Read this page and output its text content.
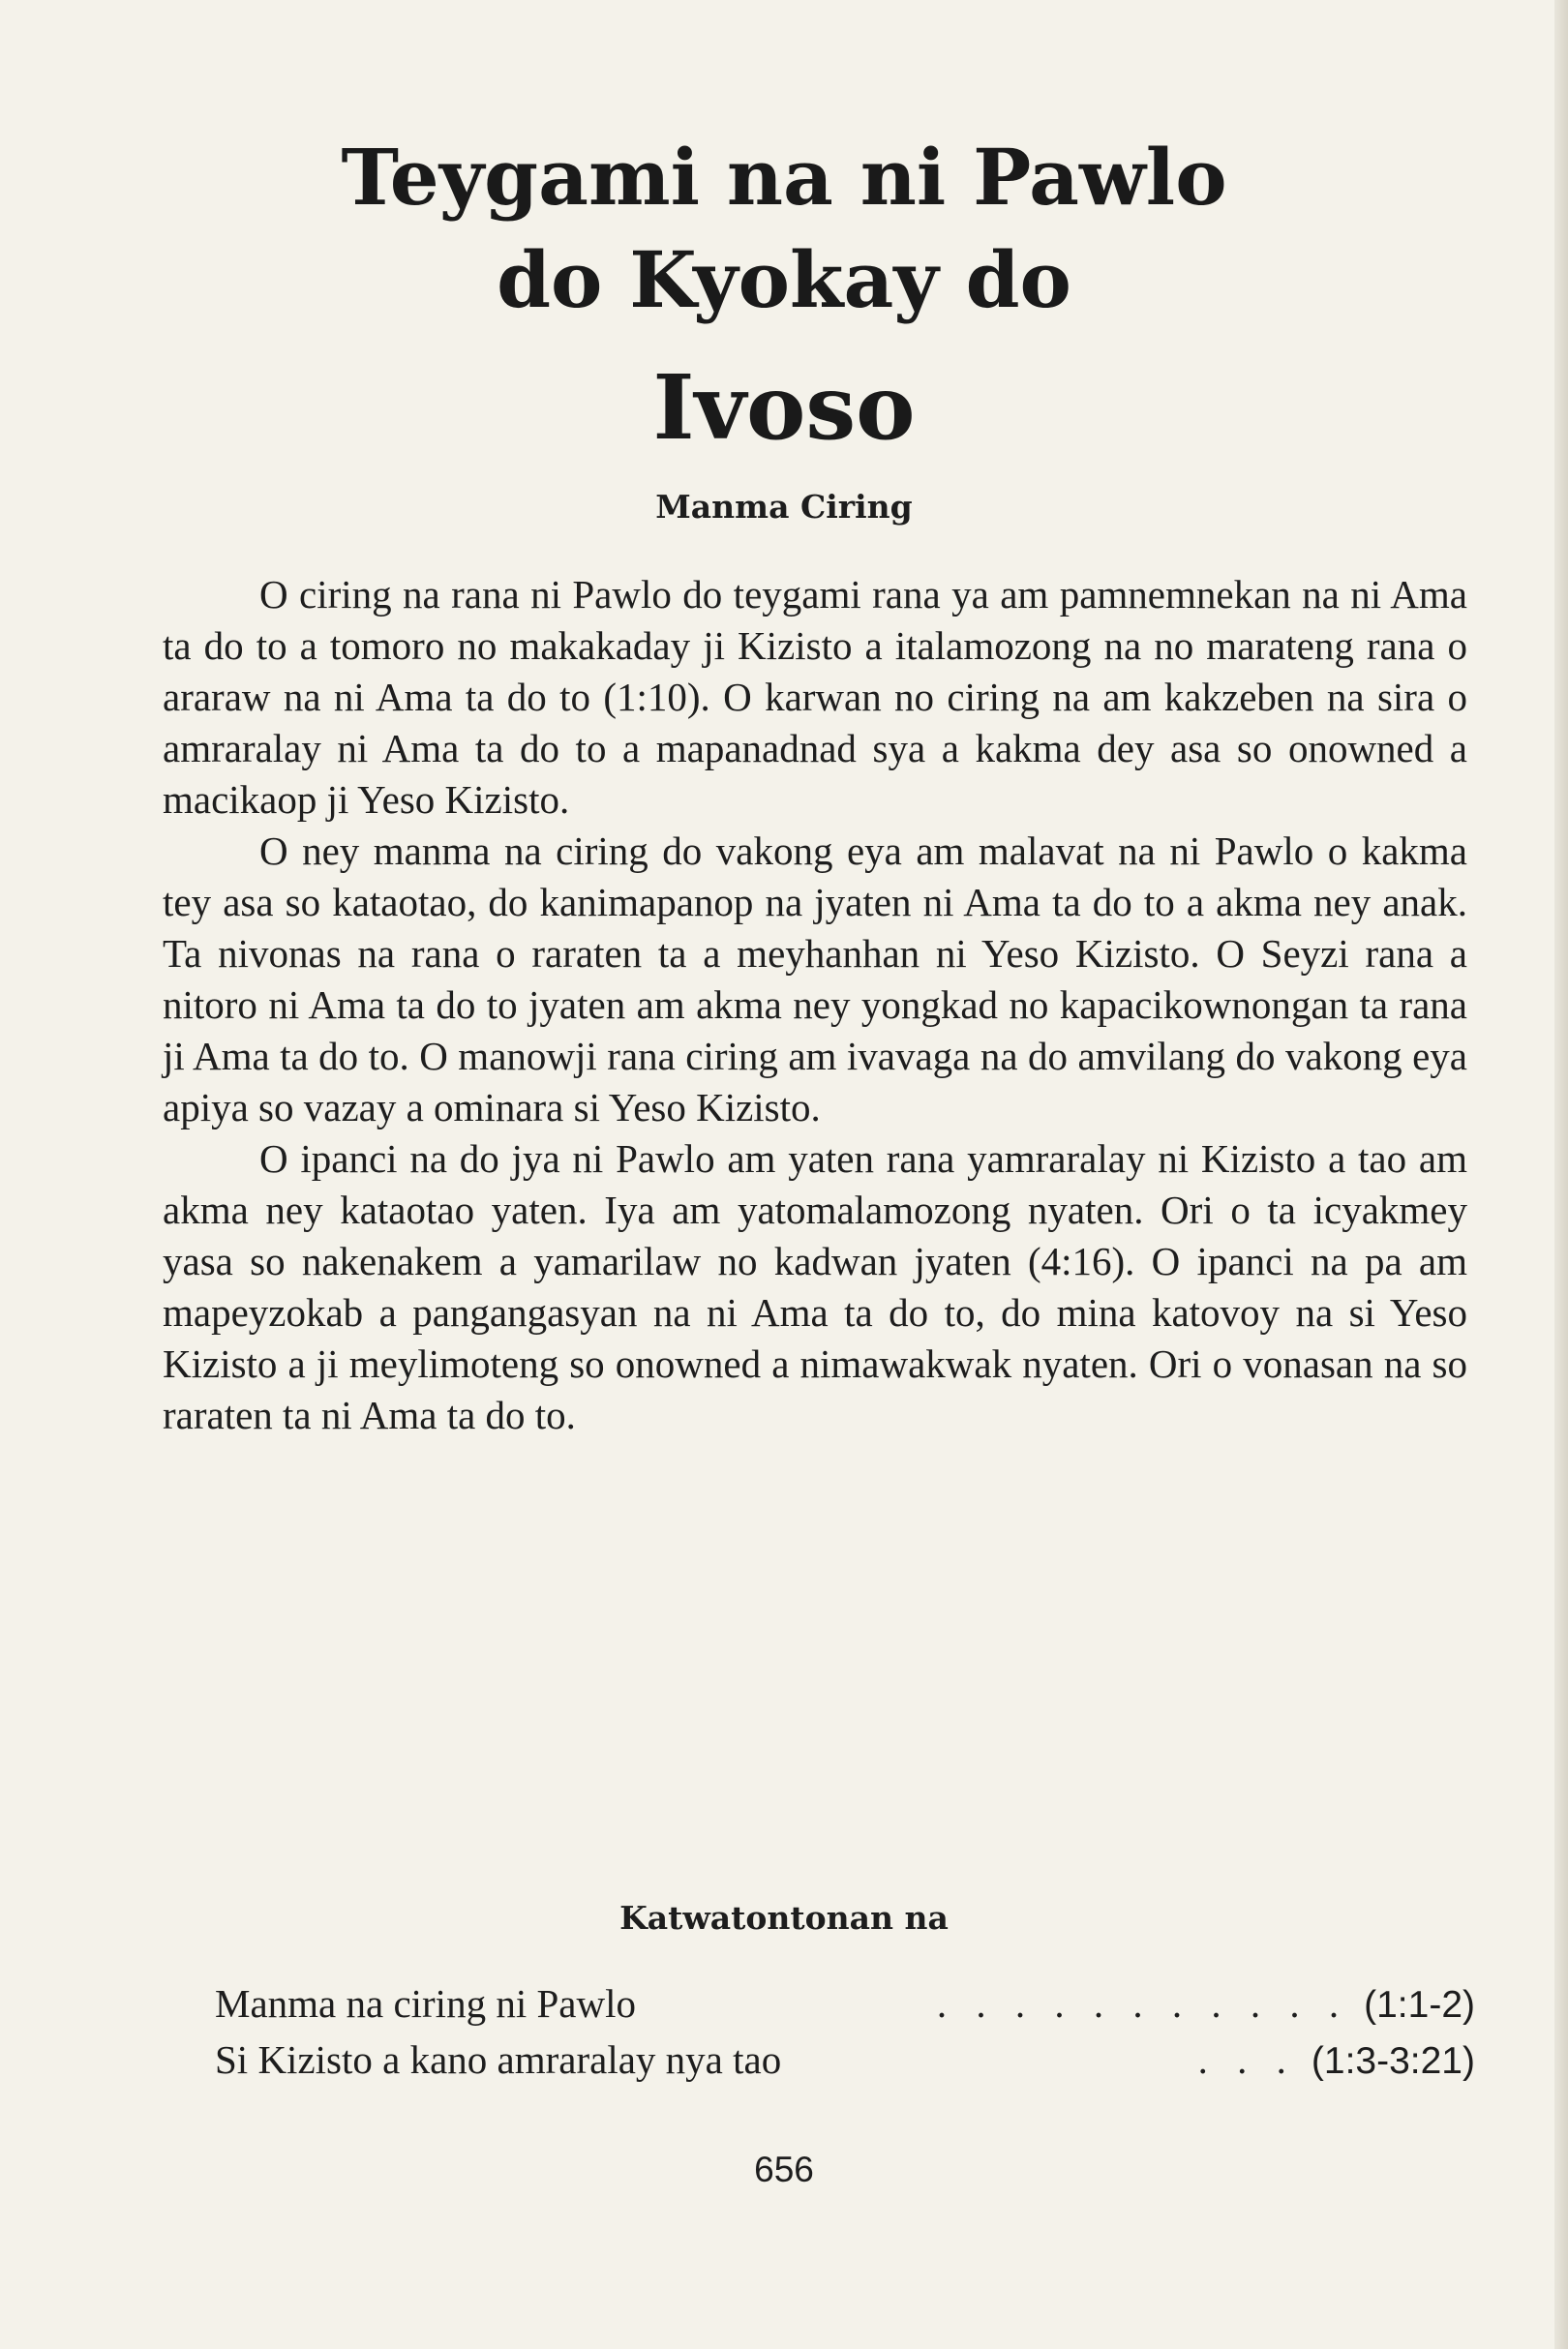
Teygami na ni Pawlo
do Kyokay do
Ivoso
Manma Ciring

O ciring na rana ni Pawlo do teygami rana ya am pamnemnekan na ni Ama ta do to a tomoro no makakaday ji Kizisto a italamozong na no marateng rana o araraw na ni Ama ta do to (1:10). O karwan no ciring na am kakzeben na sira o amraralay ni Ama ta do to a mapanadnad sya a kakma dey asa so onowned a macikaop ji Yeso Kizisto.

O ney manma na ciring do vakong eya am malavat na ni Pawlo o kakma tey asa so kataotao, do kanimapanop na jyaten ni Ama ta do to a akma ney anak. Ta nivonas na rana o raraten ta a meyhanhan ni Yeso Kizisto. O Seyzi rana a nitoro ni Ama ta do to jyaten am akma ney yongkad no kapacikownongan ta rana ji Ama ta do to. O manowji rana ciring am ivavaga na do amvilang do vakong eya apiya so vazay a ominara si Yeso Kizisto.

O ipanci na do jya ni Pawlo am yaten rana yamraralay ni Kizisto a tao am akma ney kataotao yaten. Iya am yatomalamozong nyaten. Ori o ta icyakmey yasa so nakenakem a yamarilaw no kadwan jyaten (4:16). O ipanci na pa am mapeyzokab a pangangasyan na ni Ama ta do to, do mina katovoy na si Yeso Kizisto a ji meylimoteng so onowned a nimawakwak nyaten. Ori o vonasan na so raraten ta ni Ama ta do to.

Katwatontonan na
Manma na ciring ni Pawlo	. . . . . . . . . . . (1:1-2)
Si Kizisto a kano amraralay nya tao	. . . (1:3-3:21)
656
